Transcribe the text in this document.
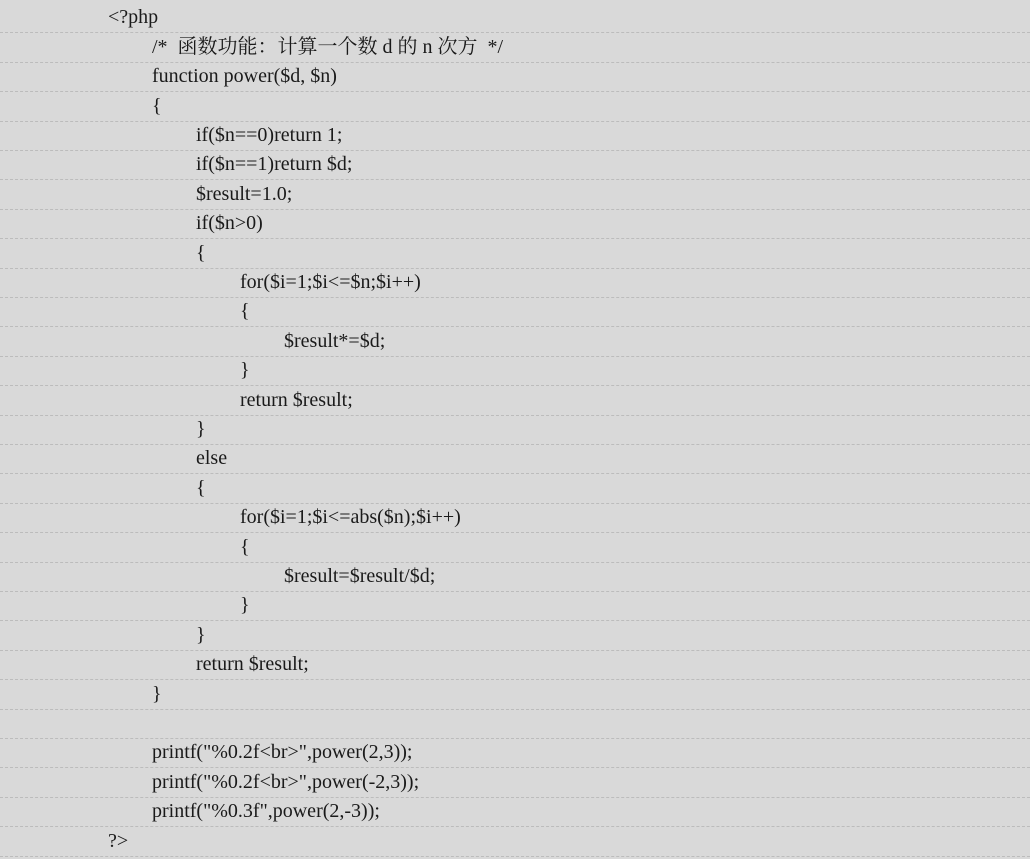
<?php
/*  函数功能：计算一个数 d 的 n 次方  */
function power($d, $n)
{
if($n==0)return 1;
if($n==1)return $d;
$result=1.0;
if($n>0)
{
for($i=1;$i<=$n;$i++)
{
$result*=$d;
}
return $result;
}
else
{
for($i=1;$i<=abs($n);$i++)
{
$result=$result/$d;
}
}
return $result;
}
printf("%0.2f<br>",power(2,3));
printf("%0.2f<br>",power(-2,3));
printf("%0.3f",power(2,-3));
?>
